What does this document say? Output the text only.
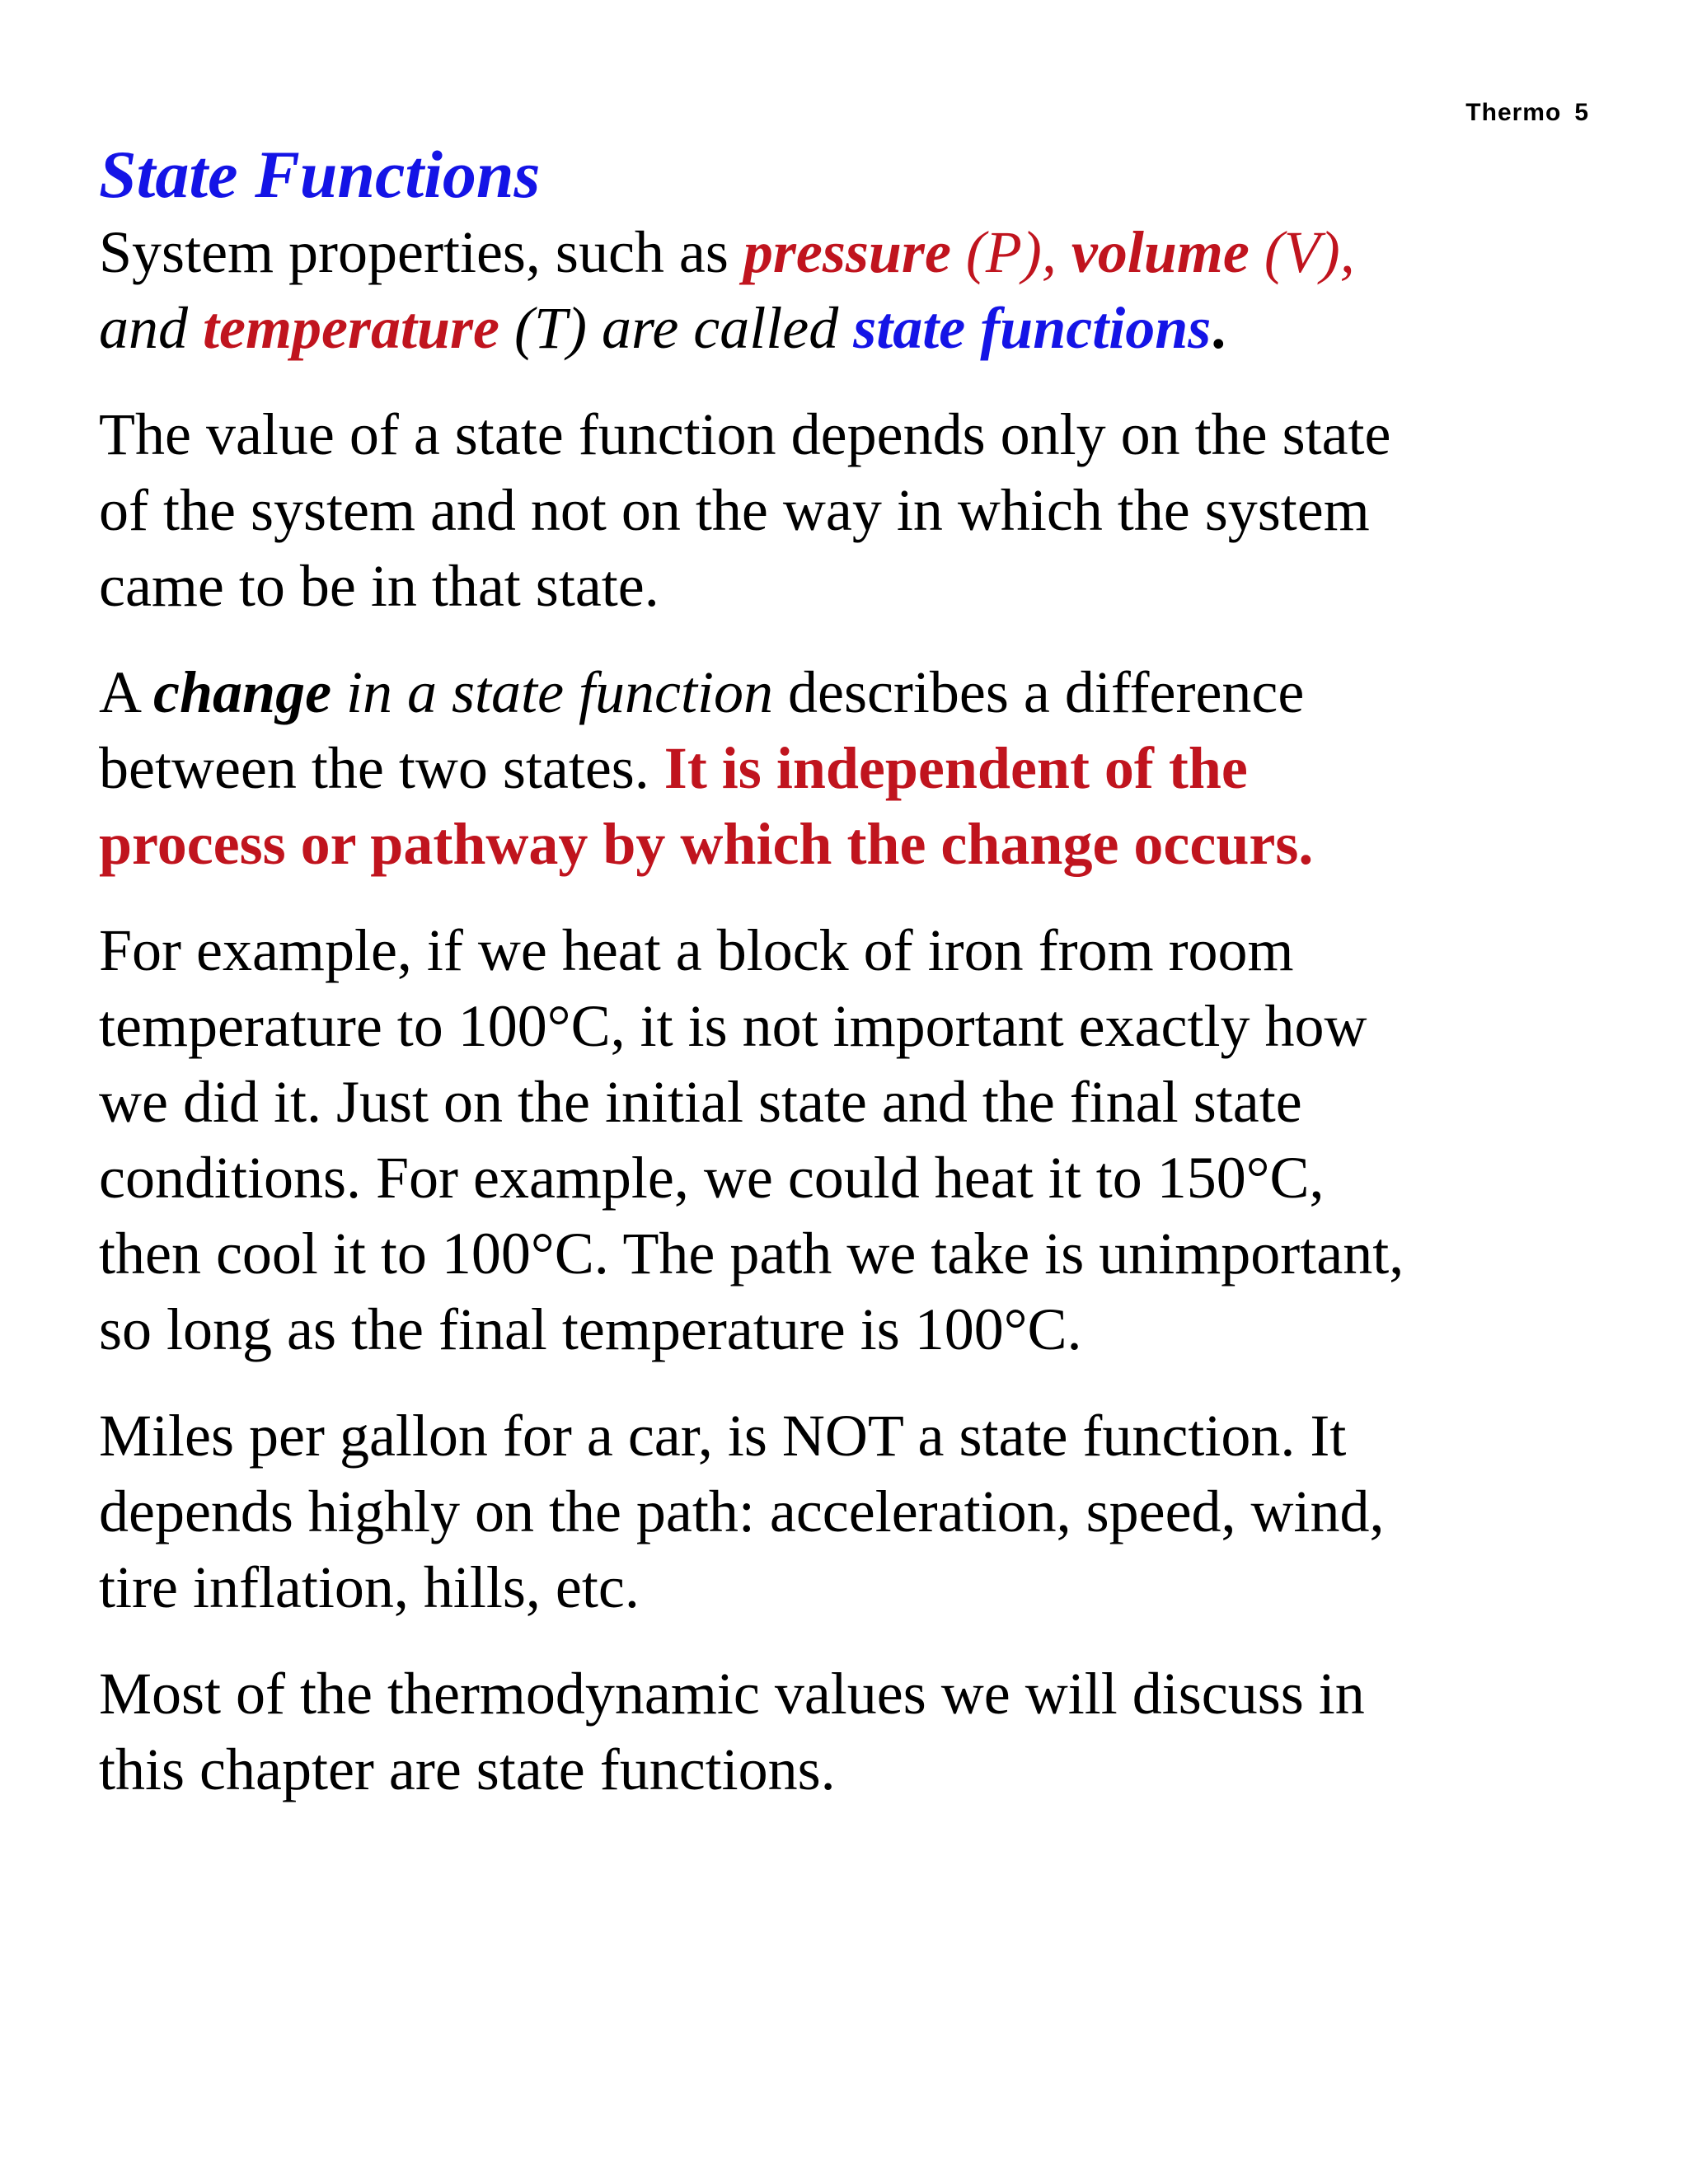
Thermo 5
State Functions

System properties, such as pressure (P), volume (V),
and temperature (T) are called state functions.

The value of a state function depends only on the state
of the system and not on the way in which the system
came to be in that state.

A change in a state function describes a difference
between the two states. It is independent of the
process or pathway by which the change occurs.

For example, if we heat a block of iron from room
temperature to 100°C, it is not important exactly how
we did it. Just on the initial state and the final state
conditions. For example, we could heat it to 150°C,
then cool it to 100°C. The path we take is unimportant,
so long as the final temperature is 100°C.

Miles per gallon for a car, is NOT a state function. It
depends highly on the path: acceleration, speed, wind,
tire inflation, hills, etc.

Most of the thermodynamic values we will discuss in
this chapter are state functions.
